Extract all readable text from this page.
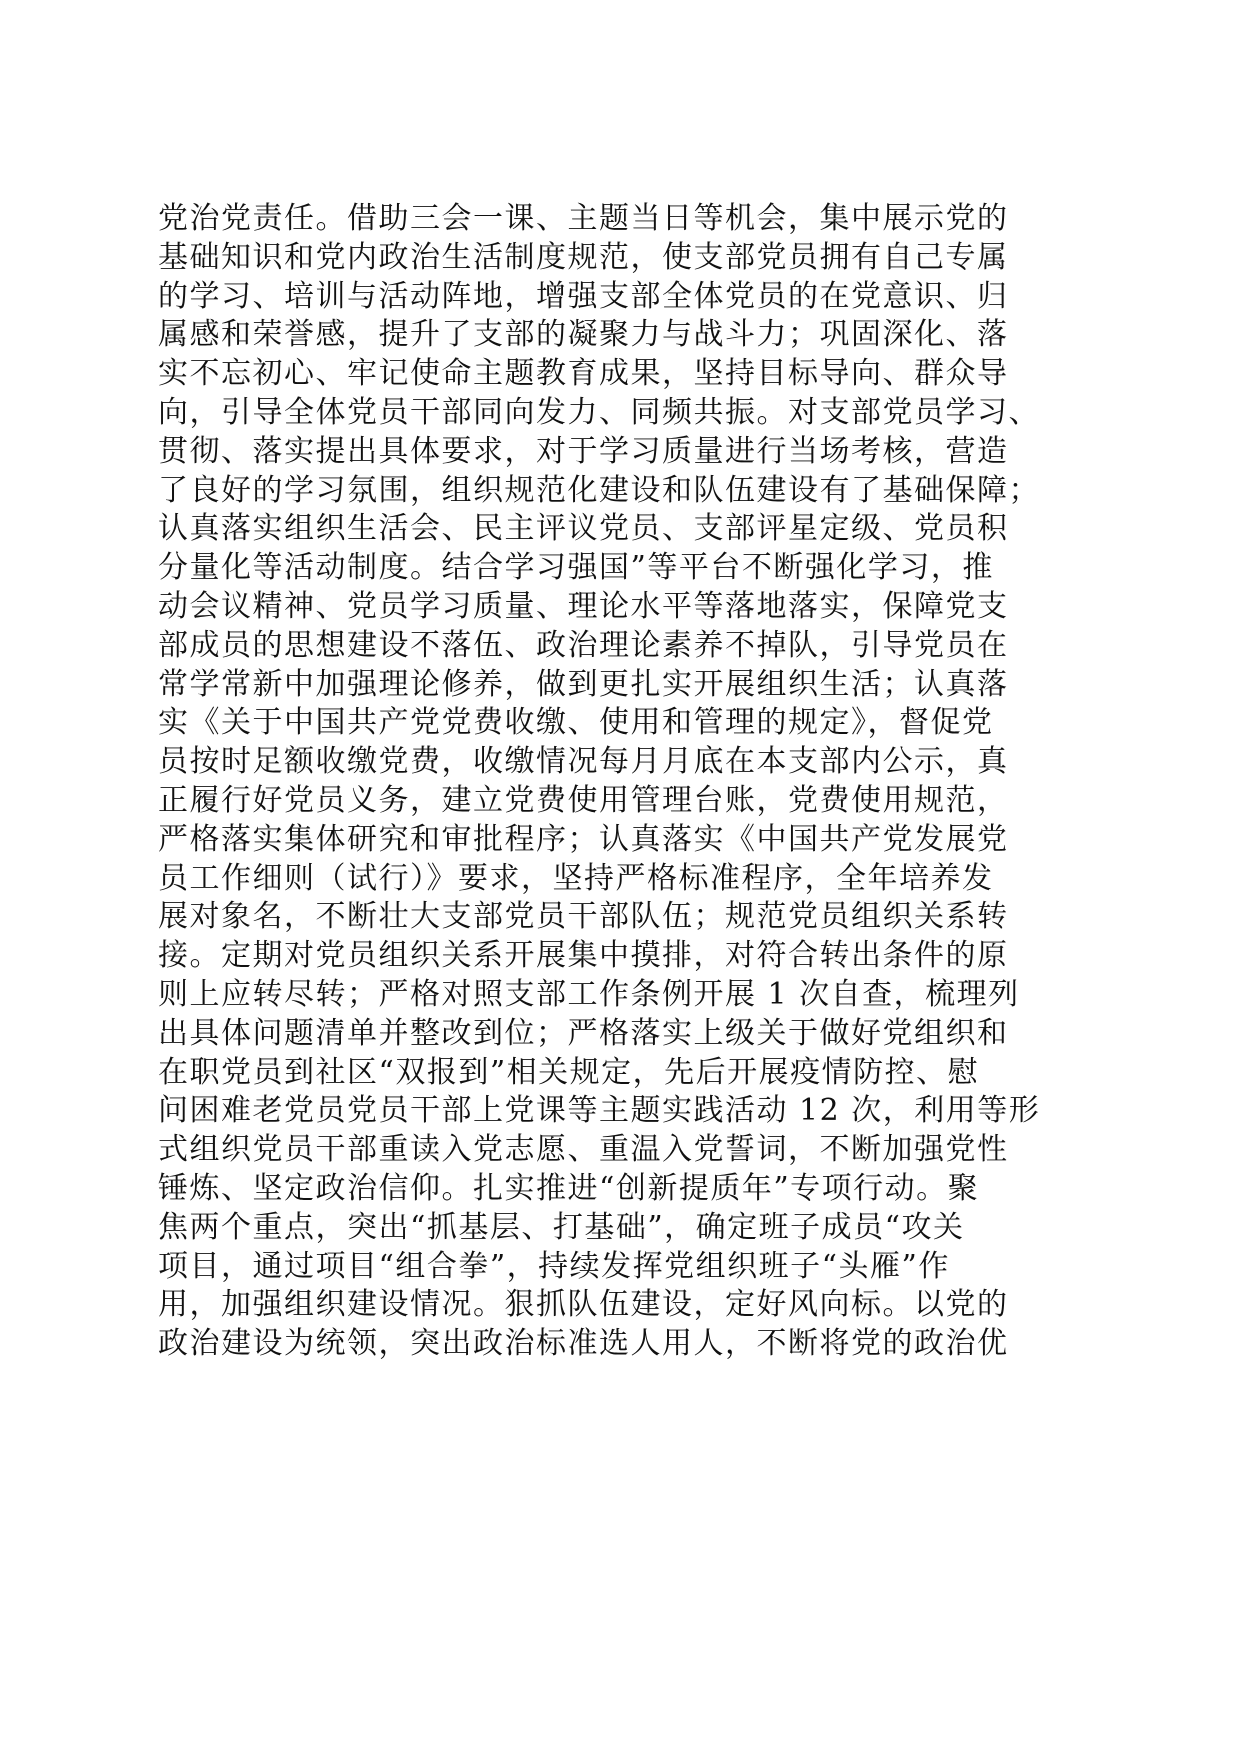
党治党责任。借助三会一课、主题当日等机会，集中展示党的
基础知识和党内政治生活制度规范，使支部党员拥有自己专属
的学习、培训与活动阵地，增强支部全体党员的在党意识、归
属感和荣誉感，提升了支部的凝聚力与战斗力；巩固深化、落
实不忘初心、牢记使命主题教育成果，坚持目标导向、群众导
向，引导全体党员干部同向发力、同频共振。对支部党员学习、
贯彻、落实提出具体要求，对于学习质量进行当场考核，营造
了良好的学习氛围，组织规范化建设和队伍建设有了基础保障；
认真落实组织生活会、民主评议党员、支部评星定级、党员积
分量化等活动制度。结合学习强国”等平台不断强化学习，推
动会议精神、党员学习质量、理论水平等落地落实，保障党支
部成员的思想建设不落伍、政治理论素养不掉队，引导党员在
常学常新中加强理论修养，做到更扎实开展组织生活；认真落
实《关于中国共产党党费收缴、使用和管理的规定》，督促党
员按时足额收缴党费，收缴情况每月月底在本支部内公示，真
正履行好党员义务，建立党费使用管理台账，党费使用规范，
严格落实集体研究和审批程序；认真落实《中国共产党发展党
员工作细则（试行）》要求，坚持严格标准程序，全年培养发
展对象名，不断壮大支部党员干部队伍；规范党员组织关系转
接。定期对党员组织关系开展集中摸排，对符合转出条件的原
则上应转尽转；严格对照支部工作条例开展 1 次自查，梳理列
出具体问题清单并整改到位；严格落实上级关于做好党组织和
在职党员到社区“双报到”相关规定，先后开展疫情防控、慰
问困难老党员党员干部上党课等主题实践活动 12 次，利用等形
式组织党员干部重读入党志愿、重温入党誓词，不断加强党性
锤炼、坚定政治信仰。扎实推进“创新提质年”专项行动。聚
焦两个重点，突出“抓基层、打基础”，确定班子成员“攻关
项目，通过项目“组合拳”，持续发挥党组织班子“头雁”作
用，加强组织建设情况。狠抓队伍建设，定好风向标。以党的
政治建设为统领，突出政治标准选人用人，不断将党的政治优
